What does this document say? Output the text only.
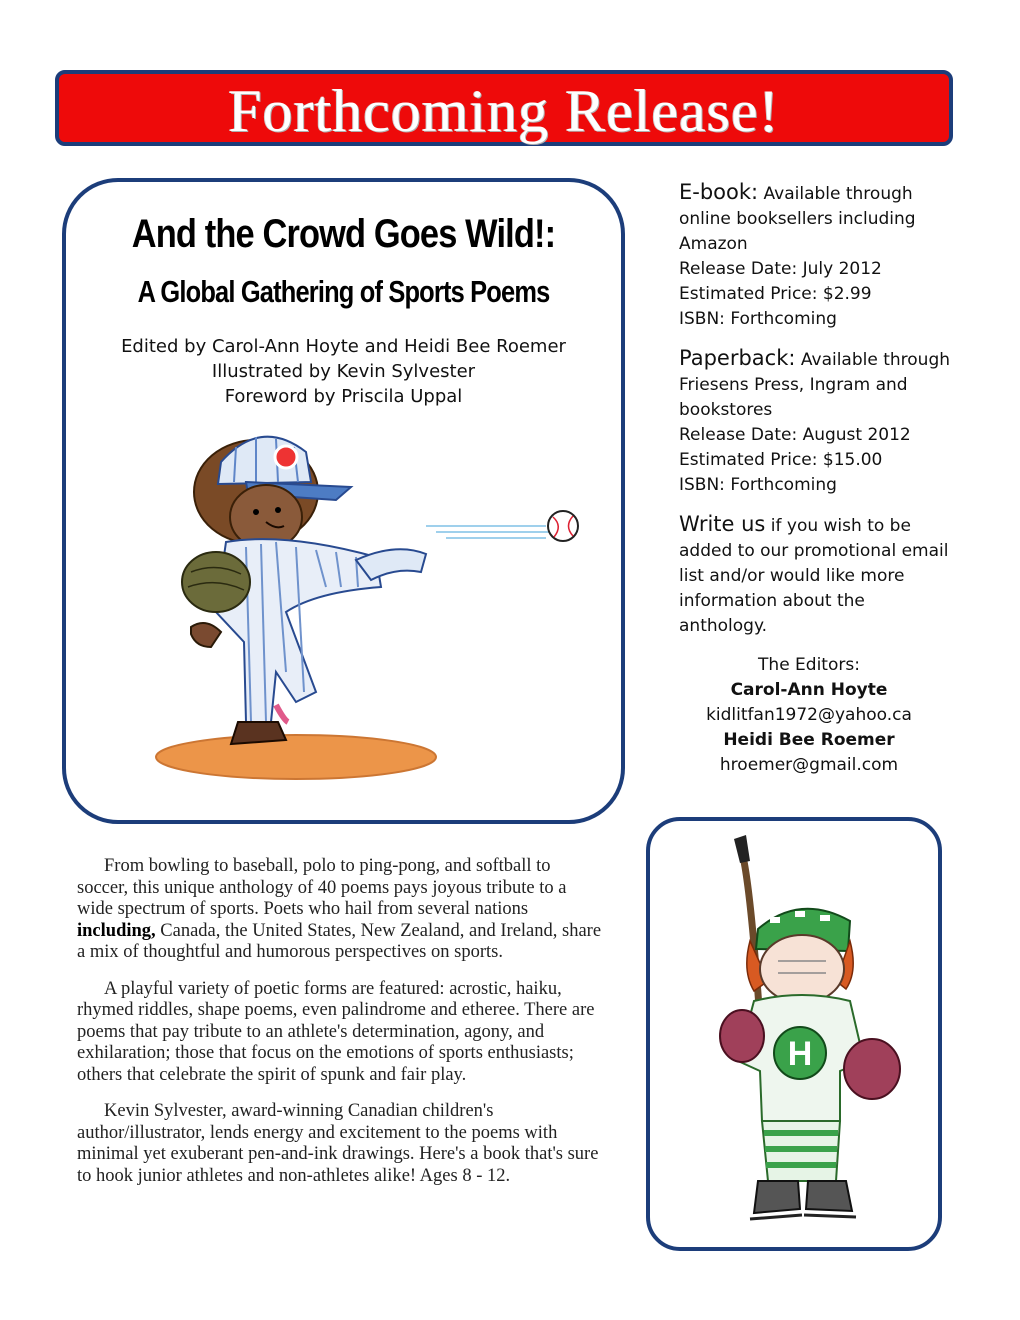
Forthcoming Release!
And the Crowd Goes Wild!:
A Global Gathering of Sports Poems
Edited by Carol-Ann Hoyte and Heidi Bee Roemer
Illustrated by Kevin Sylvester
Foreword by Priscila Uppal
E-book: Available through
online booksellers including
Amazon
Release Date: July 2012
Estimated Price: $2.99
ISBN: Forthcoming
Paperback: Available through
Friesens Press, Ingram and
bookstores
Release Date: August 2012
Estimated Price: $15.00
ISBN: Forthcoming
Write us if you wish to be
added to our promotional email
list and/or would like more
information about the
anthology.
The Editors:
Carol-Ann Hoyte
kidlitfan1972@yahoo.ca
Heidi Bee Roemer
hroemer@gmail.com

From bowling to baseball, polo to ping-pong, and softball to soccer, this unique anthology of 40 poems pays joyous tribute to a wide spectrum of sports. Poets who hail from several nations including, Canada, the United States, New Zealand, and Ireland, share a mix of thoughtful and humorous perspectives on sports.

A playful variety of poetic forms are featured: acrostic, haiku, rhymed riddles, shape poems, even palindrome and etheree. There are poems that pay tribute to an athlete's determination, agony, and exhilaration; those that focus on the emotions of sports enthusiasts; others that celebrate the spirit of spunk and fair play.

Kevin Sylvester, award-winning Canadian children's author/illustrator, lends energy and excitement to the poems with minimal yet exuberant pen-and-ink drawings. Here's a book that's sure to hook junior athletes and non-athletes alike! Ages 8 - 12.

H
